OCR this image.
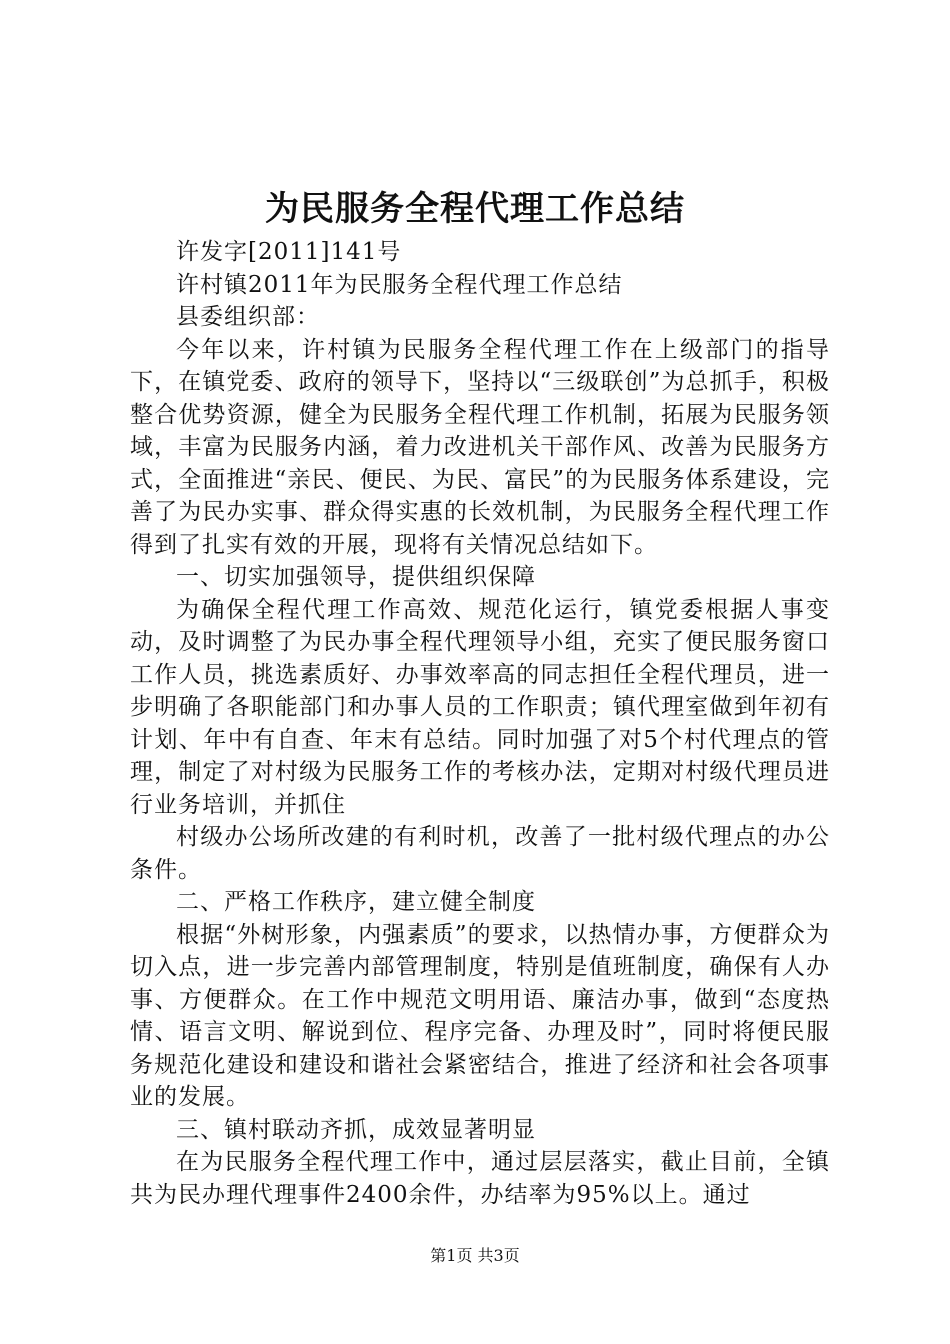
为民服务全程代理工作总结

许发字[2011]141号

许村镇2011年为民服务全程代理工作总结

县委组织部：

今年以来，许村镇为民服务全程代理工作在上级部门的指导下，在镇党委、政府的领导下，坚持以“三级联创”为总抓手，积极整合优势资源，健全为民服务全程代理工作机制，拓展为民服务领域，丰富为民服务内涵，着力改进机关干部作风、改善为民服务方式，全面推进“亲民、便民、为民、富民”的为民服务体系建设，完善了为民办实事、群众得实惠的长效机制，为民服务全程代理工作得到了扎实有效的开展，现将有关情况总结如下。

一、切实加强领导，提供组织保障

为确保全程代理工作高效、规范化运行，镇党委根据人事变动，及时调整了为民办事全程代理领导小组，充实了便民服务窗口工作人员，挑选素质好、办事效率高的同志担任全程代理员，进一步明确了各职能部门和办事人员的工作职责；镇代理室做到年初有计划、年中有自查、年末有总结。同时加强了对5个村代理点的管理，制定了对村级为民服务工作的考核办法，定期对村级代理员进行业务培训，并抓住

村级办公场所改建的有利时机，改善了一批村级代理点的办公条件。

二、严格工作秩序，建立健全制度

根据“外树形象，内强素质”的要求，以热情办事，方便群众为切入点，进一步完善内部管理制度，特别是值班制度，确保有人办事、方便群众。在工作中规范文明用语、廉洁办事，做到“态度热情、语言文明、解说到位、程序完备、办理及时”，同时将便民服务规范化建设和建设和谐社会紧密结合，推进了经济和社会各项事业的发展。

三、镇村联动齐抓，成效显著明显

在为民服务全程代理工作中，通过层层落实，截止目前，全镇共为民办理代理事件2400余件，办结率为95%以上。通过

第1页 共3页
